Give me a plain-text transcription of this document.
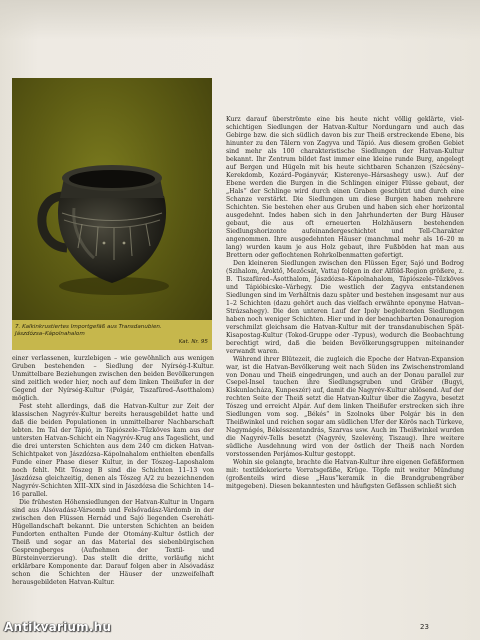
7. Kalkinkrustiertes Importgefäß aus Transdanubien.
Jászdózsa–Kápolnahalom
Kat. Nr. 95

Kurz darauf überströmte eine bis heute nicht völlig geklärte, viel-schichtigen Siedlungen der Hatvan-Kultur Nordungarn und auch das Gebirge bzw. die sich südlich davon bis zur Theiß erstreckende Ebene, bis hinunter zu den Tälern von Zagyva und Tápió. Aus diesem großen Gebiet sind mehr als 100 charakteristische Siedlungen der Hatvan-Kultur bekannt. Ihr Zentrum bildet fast immer eine kleine runde Burg, angelegt auf Bergen und Hügeln mit bis heute sichtbaren Schanzen (Szécsény–Kerekdomb, Kozárd–Pogányvár, Kisterenye–Hársashegy usw.). Auf der Ebene werden die Burgen in die Schlingen einiger Flüsse gebaut, der „Hals“ der Schlinge wird durch einen Graben geschützt und durch eine Schanze verstärkt. Die Siedlungen um diese Burgen haben mehrere Schichten. Sie bestehen eher aus Gruben und haben sich eher horizontal ausgedehnt. Indes haben sich in den Jahrhunderten der Burg Häuser gebaut, die aus oft erneuerten Holzhäusern bestehenden Siedlungshorizonte aufeinandergeschichtet und Tell-Charakter angenommen. Ihre ausgedehnten Häuser (manchmal mehr als 16–20 m lang) wurden kaum je aus Holz gebaut, ihre Fußböden hat man aus Brettern oder geflochtenen Rohrkolbenmatten gefertigt.

Den kleineren Siedlungen zwischen den Flüssen Eger, Sajó und Bodrog (Szihalom, Ároktő, Mezőcsát, Vatta) folgen in der Alföld-Region größere, z. B. Tiszafüred–Ásotthalom, Jászdózsa–Kápolnahalom, Tápiószele–Tűzköves und Tápióbicske–Várhegy. Die westlich der Zagyva entstandenen Siedlungen sind im Verhältnis dazu später und bestehen insgesamt nur aus 1–2 Schichten (dazu gehört auch das vielfach erwähnte eponyme Hatvan–Strázsahegy). Die den unteren Lauf der Ipoly begleitenden Siedlungen haben noch weniger Schichten. Hier und in der benachbarten Donauregion verschmilzt gleichsam die Hatvan-Kultur mit der transdanubischen Spät-Kisapostag-Kultur (Tokod-Gruppe oder -Typus), wodurch die Beobachtung berechtigt wird, daß die beiden Bevölkerungsgruppen miteinander verwandt waren.

Während ihrer Blütezeit, die zugleich die Epoche der Hatvan-Expansion war, ist die Hatvan-Bevölkerung weit nach Süden ins Zwischenstromland von Donau und Theiß eingedrungen, und auch an der Donau parallel zur Csepel-Insel tauchen ihre Siedlungsgruben und Gräber (Bugyi, Kiskunlacháza, Kunpeszér) auf, damit die Nagyrév-Kultur ablösend. Auf der rechten Seite der Theiß setzt die Hatvan-Kultur über die Zagyva, besetzt Tószeg und erreicht Alpár. Auf dem linken Theißufer erstrecken sich ihre Siedlungen vom sog. „Békés“ in Szolnoks über Polgár bis in den Theißwinkel und reichen sogar am südlichen Ufer der Körös nach Túrkeve, Nagymágés, Békésszentandrás, Szarvas usw. Auch im Theißwinkel wurden die Nagyrév-Tells besetzt (Nagyrév, Szelevény, Tiszaug). Ihre weitere südliche Ausdehnung wird von der östlich der Theiß nach Norden vorstossenden Perjámos-Kultur gestoppt.

Wohin sie gelangte, brachte die Hatvan-Kultur ihre eigenen Gefäßformen mit: textildekorierte Vorratsgefäße, Krüge. Töpfe mit weiter Mündung (großenteils wird diese „Haus“keramik in die Brandgrubengräber mitgegeben). Diesen bekanntesten und häufigsten Gefässen schließt sich

einer verlassenen, kurzlebigen – wie gewöhnlich aus wenigen Gruben bestehenden – Siedlung der Nyírség-I-Kultur. Unmittelbare Beziehungen zwischen den beiden Bevölkerungen sind zeitlich weder hier, noch auf dem linken Theißufer in der Gegend der Nyírség-Kultur (Polgár, Tiszafüred–Ásotthalom) möglich.

Fest steht allerdings, daß die Hatvan-Kultur zur Zeit der klassischen Nagyrév-Kultur bereits herausgebildet hatte und daß die beiden Populationen in unmittelbarer Nachbarschaft lebten. Im Tal der Tápió, in Tápiószele–Tűzköves kam aus der untersten Hatvan-Schicht ein Nagyrév-Krug ans Tageslicht, und die drei untersten Schichten aus dem 240 cm dicken Hatvan-Schichtpaket von Jászdózsa–Kápolnahalom enthielten ebenfalls Funde einer Phase dieser Kultur, in der Tószeg–Laposhalom noch fehlt. Mit Tószeg B sind die Schichten 11–13 von Jászdózsa gleichzeitig, denen als Tószeg A/2 zu bezeichnenden Nagyrév-Schichten XIII–XIX sind in Jászdózsa die Schichten 14–16 parallel.

Die frühesten Höhensiedlungen der Hatvan-Kultur in Ungarn sind aus Alsóvadász-Vársomb und Felsővadász-Várdomb in der zwischen den Flüssen Hernád und Sajó liegenden Csereháti-Hügellandschaft bekannt. Die untersten Schichten an beiden Fundorten enthalten Funde der Otomány-Kultur östlich der Theiß und sogar an das Material des siebenbürgischen Gesprengberges (Aufnehmen der Textil- und Bürsteinverzierung). Das stellt die dritte, vorläufig nicht erklärbare Komponente dar. Darauf folgen aber in Alsóvadász schon die Schichten der Häuser der unzweifelhaft herausgebildeten Hatvan-Kultur.

23
Antikvarium.hu
